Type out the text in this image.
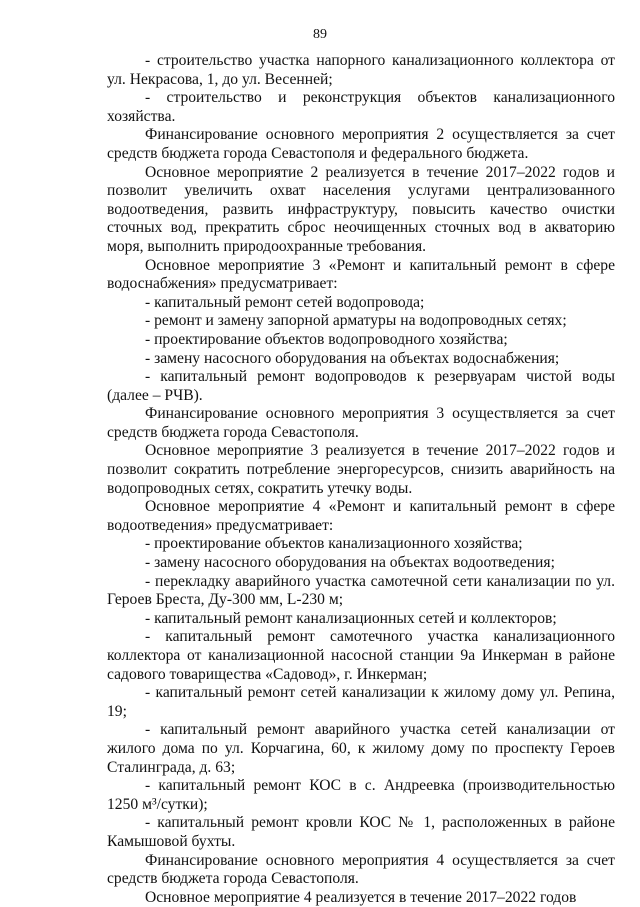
89

- строительство участка напорного канализационного коллектора от ул. Некрасова, 1, до ул. Весенней;

- строительство и реконструкция объектов канализационного хозяйства.

Финансирование основного мероприятия 2 осуществляется за счет средств бюджета города Севастополя и федерального бюджета.

Основное мероприятие 2 реализуется в течение 2017–2022 годов и позволит увеличить охват населения услугами централизованного водоотведения, развить инфраструктуру, повысить качество очистки сточных вод, прекратить сброс неочищенных сточных вод в акваторию моря, выполнить природоохранные требования.

Основное мероприятие 3 «Ремонт и капитальный ремонт в сфере водоснабжения» предусматривает:

- капитальный ремонт сетей водопровода;

- ремонт и замену запорной арматуры на водопроводных сетях;

- проектирование объектов водопроводного хозяйства;

- замену насосного оборудования на объектах водоснабжения;

- капитальный ремонт водопроводов к резервуарам чистой воды (далее – РЧВ).

Финансирование основного мероприятия 3 осуществляется за счет средств бюджета города Севастополя.

Основное мероприятие 3 реализуется в течение 2017–2022 годов и позволит сократить потребление энергоресурсов, снизить аварийность на водопроводных сетях, сократить утечку воды.

Основное мероприятие 4 «Ремонт и капитальный ремонт в сфере водоотведения» предусматривает:

- проектирование объектов канализационного хозяйства;

- замену насосного оборудования на объектах водоотведения;

- перекладку аварийного участка самотечной сети канализации по ул. Героев Бреста, Ду-300 мм, L-230 м;

- капитальный ремонт канализационных сетей и коллекторов;

- капитальный ремонт самотечного участка канализационного коллектора от канализационной насосной станции 9а Инкерман в районе садового товарищества «Садовод», г. Инкерман;

- капитальный ремонт сетей канализации к жилому дому ул. Репина, 19;

- капитальный ремонт аварийного участка сетей канализации от жилого дома по ул. Корчагина, 60, к жилому дому по проспекту Героев Сталинграда, д. 63;

- капитальный ремонт КОС в с. Андреевка (производительностью 1250 м³/сутки);

- капитальный ремонт кровли КОС № 1, расположенных в районе Камышовой бухты.

Финансирование основного мероприятия 4 осуществляется за счет средств бюджета города Севастополя.

Основное мероприятие 4 реализуется в течение 2017–2022 годов
